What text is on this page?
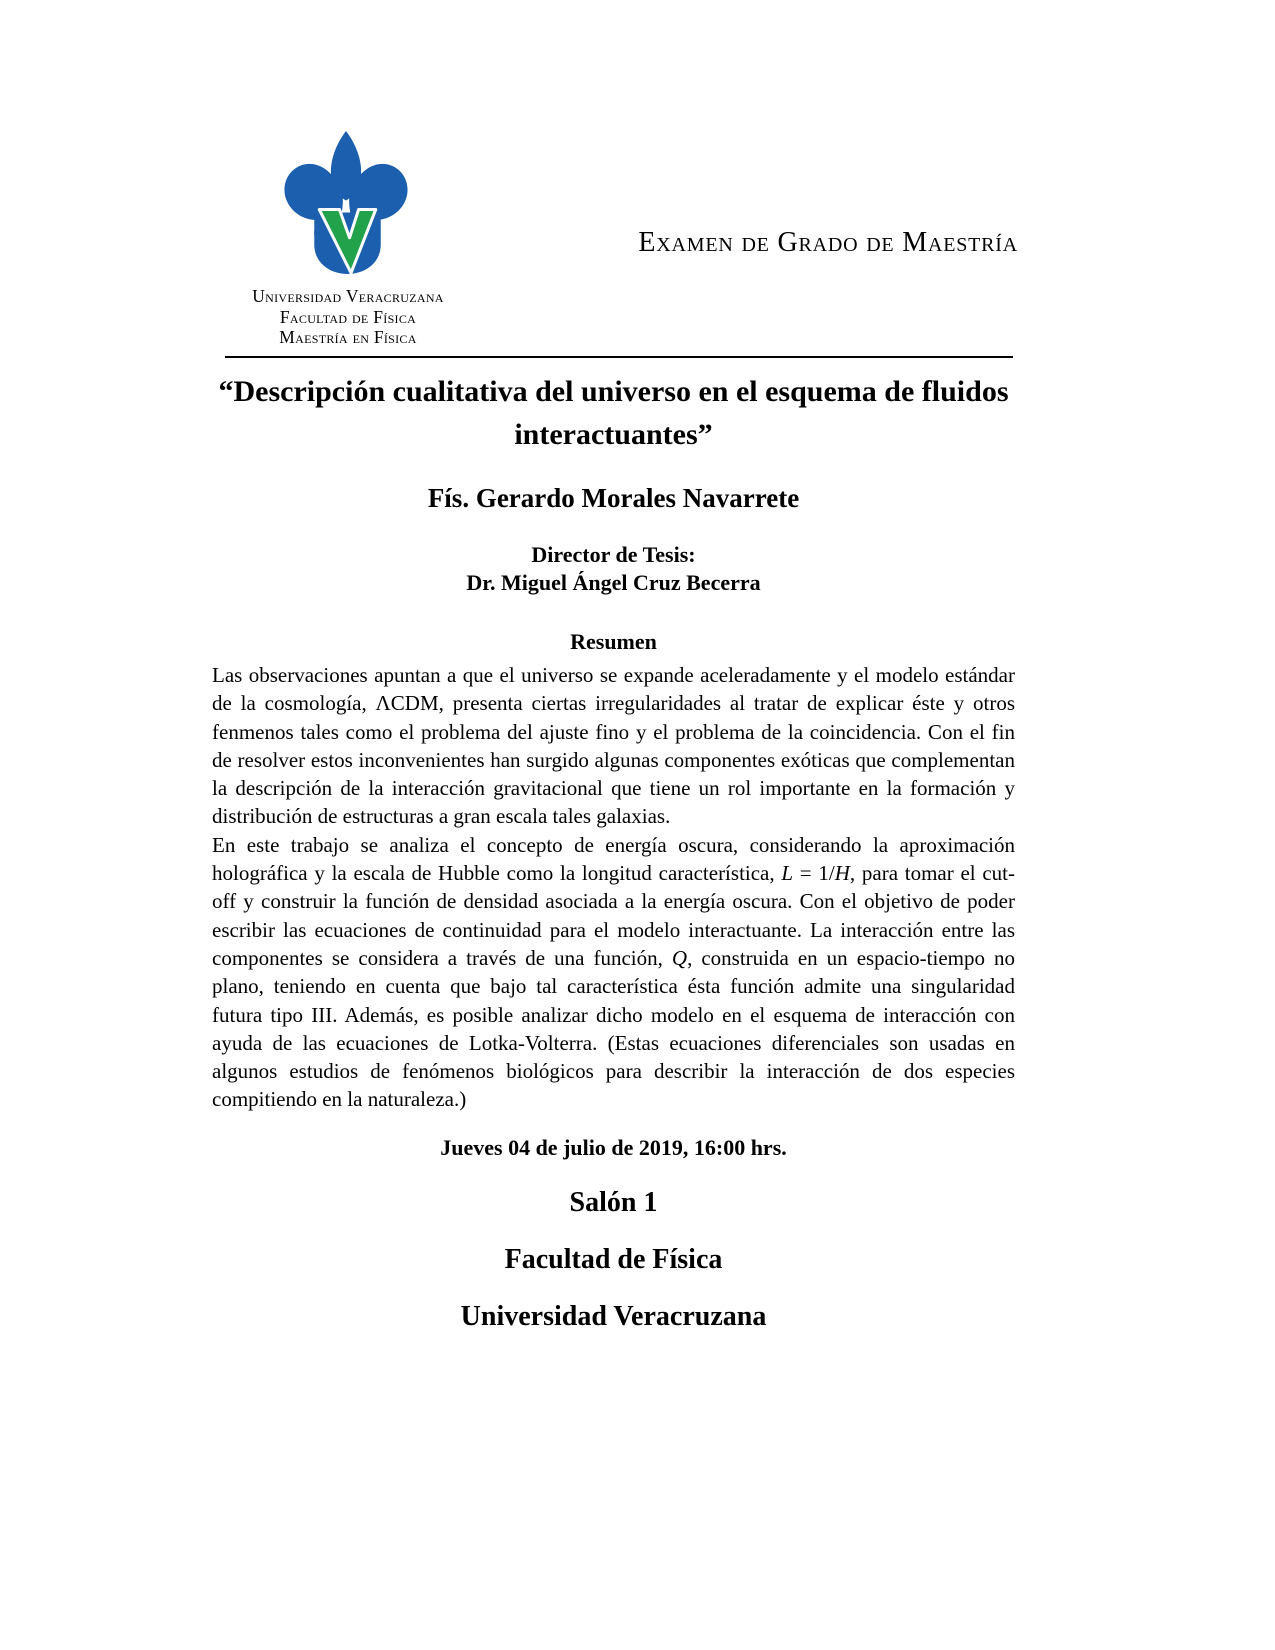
Universidad Veracruzana
Facultad de Física
Maestría en Física
Examen de Grado de Maestría
“Descripción cualitativa del universo en el esquema de fluidos interactuantes”
Fís. Gerardo Morales Navarrete
Director de Tesis:
Dr. Miguel Ángel Cruz Becerra
Resumen

Las observaciones apuntan a que el universo se expande aceleradamente y el modelo estándar de la cosmología, ΛCDM, presenta ciertas irregularidades al tratar de explicar éste y otros fenmenos tales como el problema del ajuste fino y el problema de la coincidencia. Con el fin de resolver estos inconvenientes han surgido algunas componentes exóticas que complementan la descripción de la interacción gravitacional que tiene un rol importante en la formación y distribución de estructuras a gran escala tales galaxias.

En este trabajo se analiza el concepto de energía oscura, considerando la aproximación holográfica y la escala de Hubble como la longitud característica, L = 1/H, para tomar el cut-off y construir la función de densidad asociada a la energía oscura. Con el objetivo de poder escribir las ecuaciones de continuidad para el modelo interactuante. La interacción entre las componentes se considera a través de una función, Q, construida en un espacio-tiempo no plano, teniendo en cuenta que bajo tal característica ésta función admite una singularidad futura tipo III. Además, es posible analizar dicho modelo en el esquema de interacción con ayuda de las ecuaciones de Lotka-Volterra. (Estas ecuaciones diferenciales son usadas en algunos estudios de fenómenos biológicos para describir la interacción de dos especies compitiendo en la naturaleza.)

Jueves 04 de julio de 2019, 16:00 hrs.
Salón 1
Facultad de Física
Universidad Veracruzana
